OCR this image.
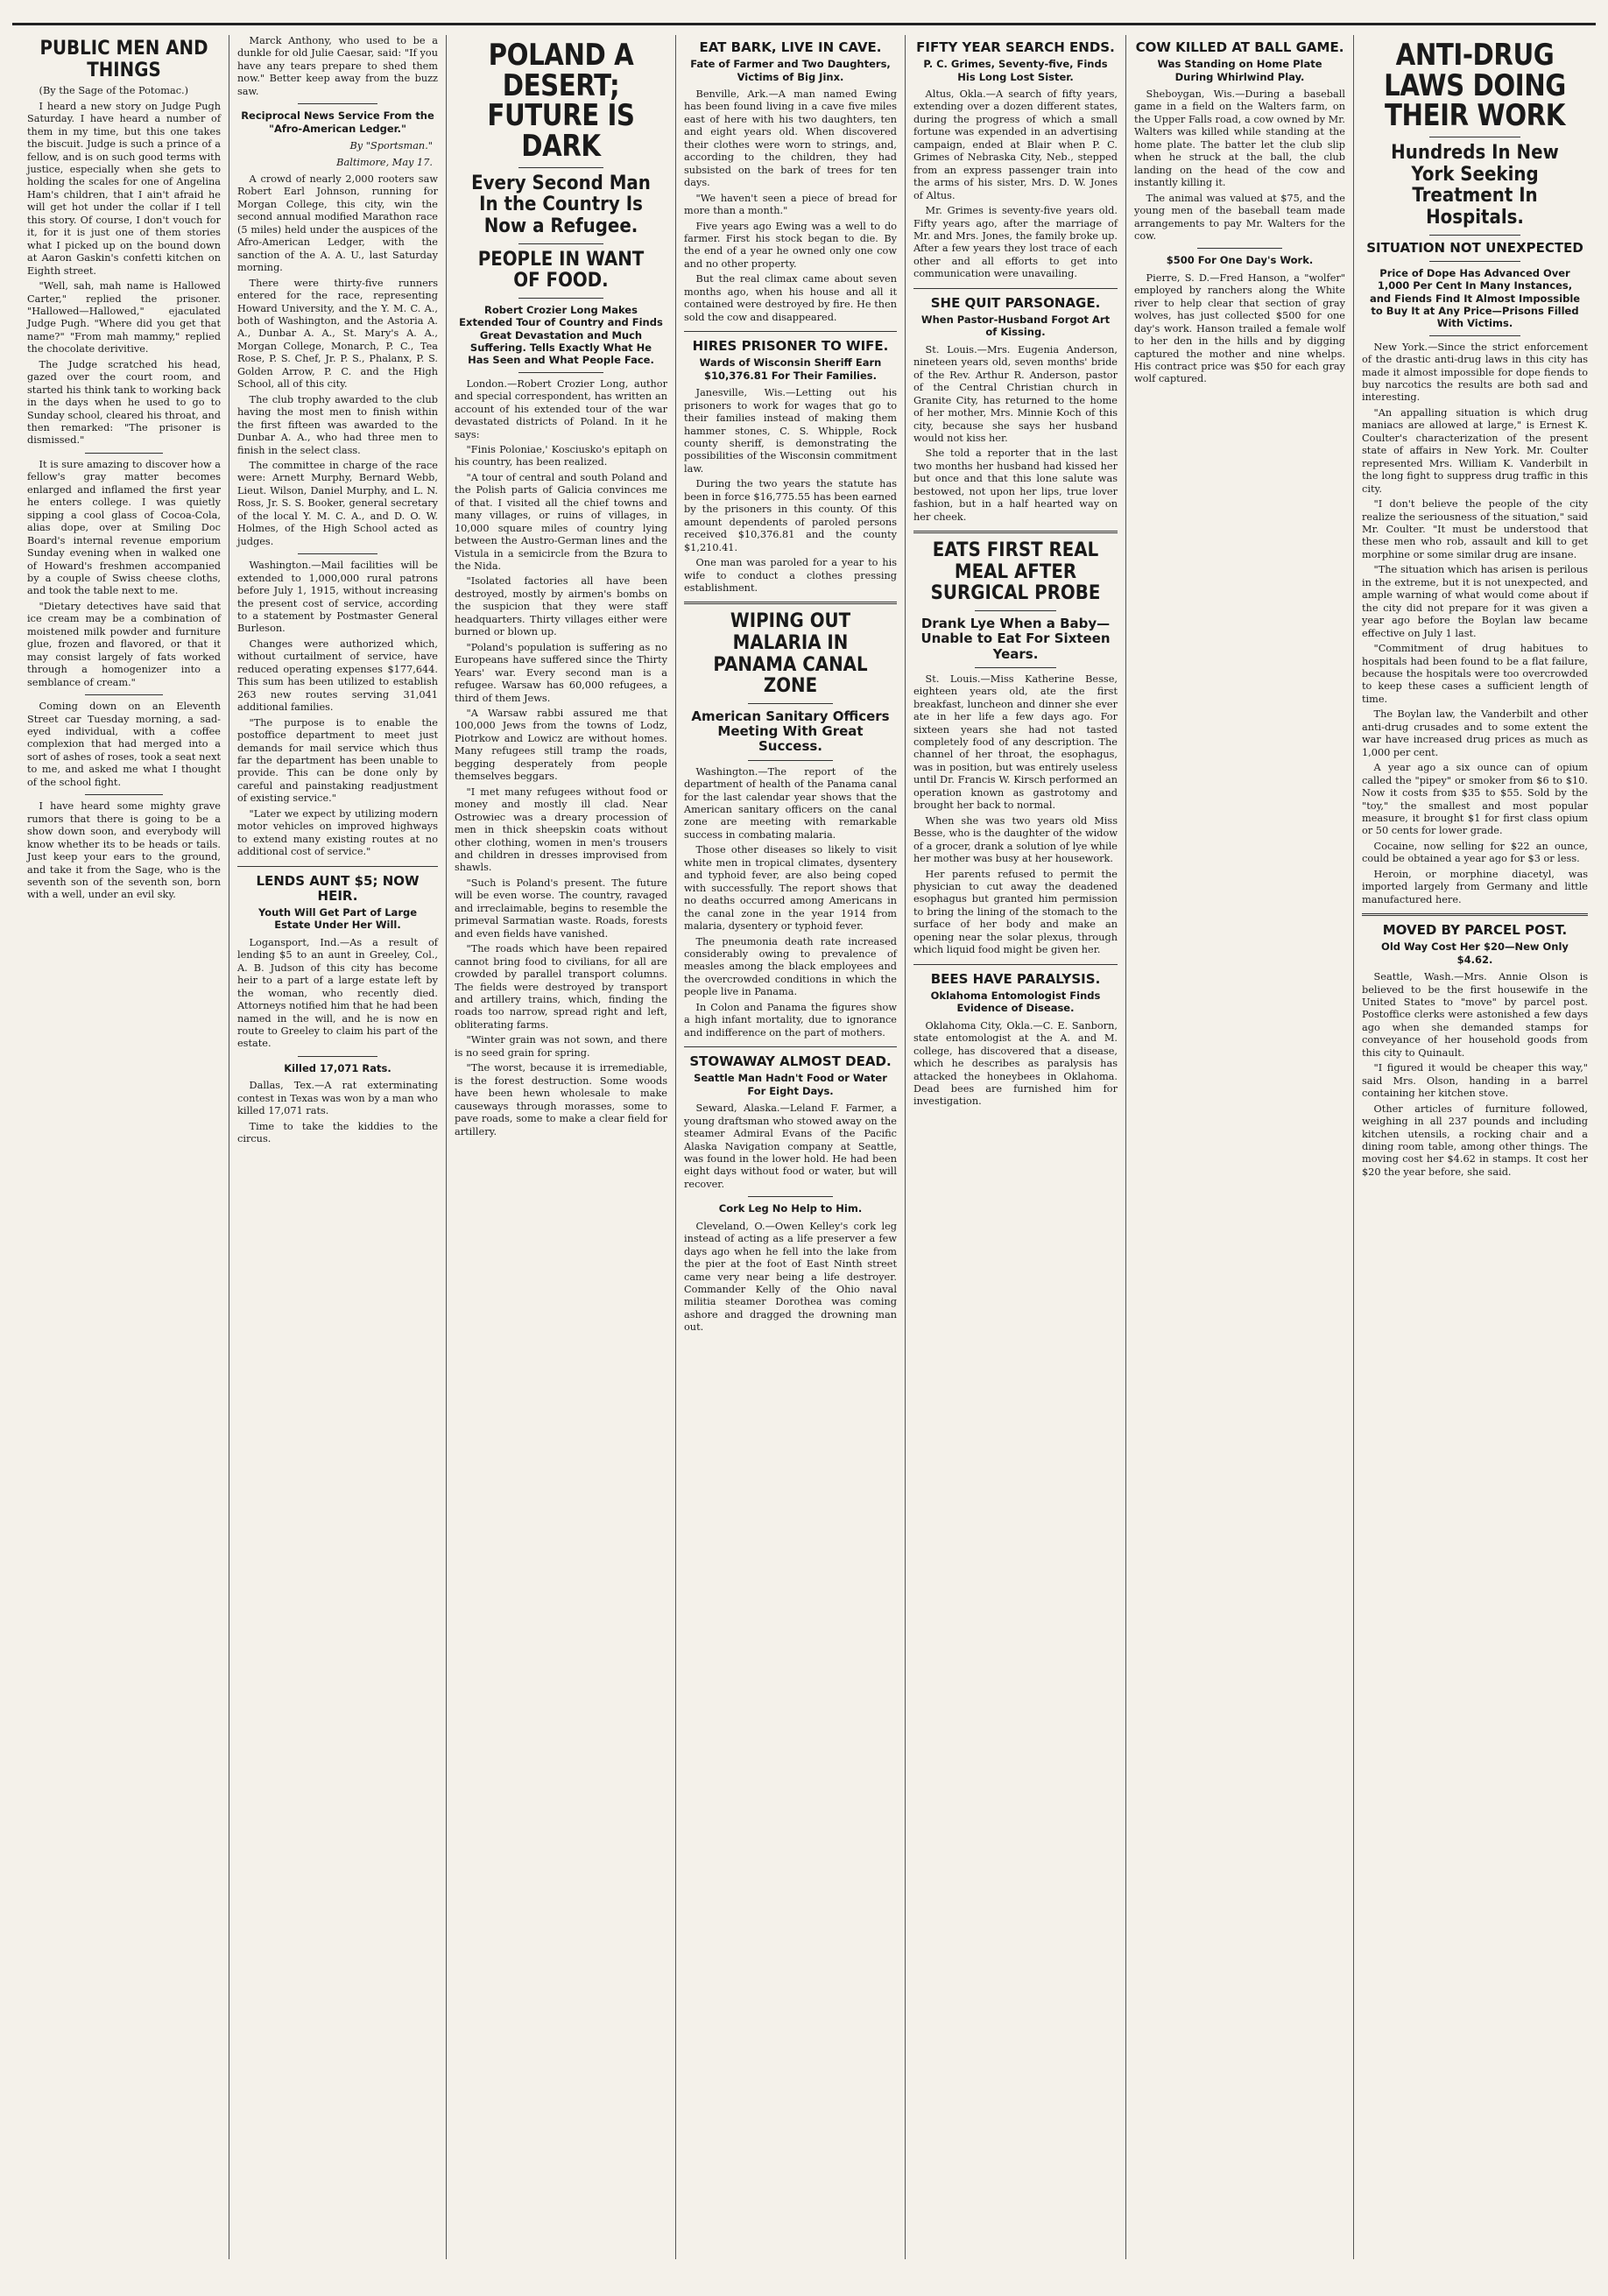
PUBLIC MEN AND THINGS

(By the Sage of the Potomac.)

I heard a new story on Judge Pugh Saturday. I have heard a number of them in my time, but this one takes the biscuit. Judge is such a prince of a fellow, and is on such good terms with justice, especially when she gets to holding the scales for one of Angelina Ham's children, that I ain't afraid he will get hot under the collar if I tell this story. Of course, I don't vouch for it, for it is just one of them stories what I picked up on the bound down at Aaron Gaskin's confetti kitchen on Eighth street.

"Well, sah, mah name is Hallowed Carter," replied the prisoner. "Hallowed—Hallowed," ejaculated Judge Pugh. "Where did you get that name?" "From mah mammy," replied the chocolate derivitive.

The Judge scratched his head, gazed over the court room, and started his think tank to working back in the days when he used to go to Sunday school, cleared his throat, and then remarked: "The prisoner is dismissed."

It is sure amazing to discover how a fellow's gray matter becomes enlarged and inflamed the first year he enters college. I was quietly sipping a cool glass of Cocoa-Cola, alias dope, over at Smiling Doc Board's internal revenue emporium Sunday evening when in walked one of Howard's freshmen accompanied by a couple of Swiss cheese cloths, and took the table next to me.

"Dietary detectives have said that ice cream may be a combination of moistened milk powder and furniture glue, frozen and flavored, or that it may consist largely of fats worked through a homogenizer into a semblance of cream."

Coming down on an Eleventh Street car Tuesday morning, a sad-eyed individual, with a coffee complexion that had merged into a sort of ashes of roses, took a seat next to me, and asked me what I thought of the school fight.

I have heard some mighty grave rumors that there is going to be a show down soon, and everybody will know whether its to be heads or tails. Just keep your ears to the ground, and take it from the Sage, who is the seventh son of the seventh son, born with a well, under an evil sky.

Marck Anthony, who used to be a dunkle for old Julie Caesar, said: "If you have any tears prepare to shed them now." Better keep away from the buzz saw.

Reciprocal News Service From the "Afro-American Ledger."

By "Sportsman."

Baltimore, May 17.

A crowd of nearly 2,000 rooters saw Robert Earl Johnson, running for Morgan College, this city, win the second annual modified Marathon race (5 miles) held under the auspices of the Afro-American Ledger, with the sanction of the A. A. U., last Saturday morning.

There were thirty-five runners entered for the race, representing Howard University, and the Y. M. C. A., both of Washington, and the Astoria A. A., Dunbar A. A., St. Mary's A. A., Morgan College, Monarch, P. C., Tea Rose, P. S. Chef, Jr. P. S., Phalanx, P. S. Golden Arrow, P. C. and the High School, all of this city.

The club trophy awarded to the club having the most men to finish within the first fifteen was awarded to the Dunbar A. A., who had three men to finish in the select class.

The committee in charge of the race were: Arnett Murphy, Bernard Webb, Lieut. Wilson, Daniel Murphy, and L. N. Ross, Jr. S. S. Booker, general secretary of the local Y. M. C. A., and D. O. W. Holmes, of the High School acted as judges.

Washington.—Mail facilities will be extended to 1,000,000 rural patrons before July 1, 1915, without increasing the present cost of service, according to a statement by Postmaster General Burleson.

Changes were authorized which, without curtailment of service, have reduced operating expenses $177,644. This sum has been utilized to establish 263 new routes serving 31,041 additional families.

"The purpose is to enable the postoffice department to meet just demands for mail service which thus far the department has been unable to provide. This can be done only by careful and painstaking readjustment of existing service."

"Later we expect by utilizing modern motor vehicles on improved highways to extend many existing routes at no additional cost of service."

LENDS AUNT $5; NOW HEIR.
Youth Will Get Part of Large Estate Under Her Will.

Logansport, Ind.—As a result of lending $5 to an aunt in Greeley, Col., A. B. Judson of this city has become heir to a part of a large estate left by the woman, who recently died. Attorneys notified him that he had been named in the will, and he is now en route to Greeley to claim his part of the estate.

Killed 17,071 Rats.

Dallas, Tex.—A rat exterminating contest in Texas was won by a man who killed 17,071 rats.

Time to take the kiddies to the circus.

POLAND A DESERT; FUTURE IS DARK
Every Second Man In the Country Is Now a Refugee.
PEOPLE IN WANT OF FOOD.
Robert Crozier Long Makes Extended Tour of Country and Finds Great Devastation and Much Suffering. Tells Exactly What He Has Seen and What People Face.

London.—Robert Crozier Long, author and special correspondent, has written an account of his extended tour of the war devastated districts of Poland. In it he says:

"Finis Poloniae,' Kosciusko's epitaph on his country, has been realized.

"A tour of central and south Poland and the Polish parts of Galicia convinces me of that. I visited all the chief towns and many villages, or ruins of villages, in 10,000 square miles of country lying between the Austro-German lines and the Vistula in a semicircle from the Bzura to the Nida.

"Isolated factories all have been destroyed, mostly by airmen's bombs on the suspicion that they were staff headquarters. Thirty villages either were burned or blown up.

"Poland's population is suffering as no Europeans have suffered since the Thirty Years' war. Every second man is a refugee. Warsaw has 60,000 refugees, a third of them Jews.

"A Warsaw rabbi assured me that 100,000 Jews from the towns of Lodz, Piotrkow and Lowicz are without homes. Many refugees still tramp the roads, begging desperately from people themselves beggars.

"I met many refugees without food or money and mostly ill clad. Near Ostrowiec was a dreary procession of men in thick sheepskin coats without other clothing, women in men's trousers and children in dresses improvised from shawls.

"Such is Poland's present. The future will be even worse. The country, ravaged and irreclaimable, begins to resemble the primeval Sarmatian waste. Roads, forests and even fields have vanished.

"The roads which have been repaired cannot bring food to civilians, for all are crowded by parallel transport columns. The fields were destroyed by transport and artillery trains, which, finding the roads too narrow, spread right and left, obliterating farms.

"Winter grain was not sown, and there is no seed grain for spring.

"The worst, because it is irremediable, is the forest destruction. Some woods have been hewn wholesale to make causeways through morasses, some to pave roads, some to make a clear field for artillery.

EAT BARK, LIVE IN CAVE.
Fate of Farmer and Two Daughters, Victims of Big Jinx.

Benville, Ark.—A man named Ewing has been found living in a cave five miles east of here with his two daughters, ten and eight years old. When discovered their clothes were worn to strings, and, according to the children, they had subsisted on the bark of trees for ten days.

"We haven't seen a piece of bread for more than a month."

Five years ago Ewing was a well to do farmer. First his stock began to die. By the end of a year he owned only one cow and no other property.

But the real climax came about seven months ago, when his house and all it contained were destroyed by fire. He then sold the cow and disappeared.

HIRES PRISONER TO WIFE.
Wards of Wisconsin Sheriff Earn $10,376.81 For Their Families.

Janesville, Wis.—Letting out his prisoners to work for wages that go to their families instead of making them hammer stones, C. S. Whipple, Rock county sheriff, is demonstrating the possibilities of the Wisconsin commitment law.

During the two years the statute has been in force $16,775.55 has been earned by the prisoners in this county. Of this amount dependents of paroled persons received $10,376.81 and the county $1,210.41.

One man was paroled for a year to his wife to conduct a clothes pressing establishment.

WIPING OUT MALARIA IN PANAMA CANAL ZONE
American Sanitary Officers Meeting With Great Success.

Washington.—The report of the department of health of the Panama canal for the last calendar year shows that the American sanitary officers on the canal zone are meeting with remarkable success in combating malaria.

Those other diseases so likely to visit white men in tropical climates, dysentery and typhoid fever, are also being coped with successfully. The report shows that no deaths occurred among Americans in the canal zone in the year 1914 from malaria, dysentery or typhoid fever.

The pneumonia death rate increased considerably owing to prevalence of measles among the black employees and the overcrowded conditions in which the people live in Panama.

In Colon and Panama the figures show a high infant mortality, due to ignorance and indifference on the part of mothers.

STOWAWAY ALMOST DEAD.
Seattle Man Hadn't Food or Water For Eight Days.

Seward, Alaska.—Leland F. Farmer, a young draftsman who stowed away on the steamer Admiral Evans of the Pacific Alaska Navigation company at Seattle, was found in the lower hold. He had been eight days without food or water, but will recover.

Cork Leg No Help to Him.

Cleveland, O.—Owen Kelley's cork leg instead of acting as a life preserver a few days ago when he fell into the lake from the pier at the foot of East Ninth street came very near being a life destroyer. Commander Kelly of the Ohio naval militia steamer Dorothea was coming ashore and dragged the drowning man out.

FIFTY YEAR SEARCH ENDS.
P. C. Grimes, Seventy-five, Finds His Long Lost Sister.

Altus, Okla.—A search of fifty years, extending over a dozen different states, during the progress of which a small fortune was expended in an advertising campaign, ended at Blair when P. C. Grimes of Nebraska City, Neb., stepped from an express passenger train into the arms of his sister, Mrs. D. W. Jones of Altus.

Mr. Grimes is seventy-five years old. Fifty years ago, after the marriage of Mr. and Mrs. Jones, the family broke up. After a few years they lost trace of each other and all efforts to get into communication were unavailing.

SHE QUIT PARSONAGE.
When Pastor-Husband Forgot Art of Kissing.

St. Louis.—Mrs. Eugenia Anderson, nineteen years old, seven months' bride of the Rev. Arthur R. Anderson, pastor of the Central Christian church in Granite City, has returned to the home of her mother, Mrs. Minnie Koch of this city, because she says her husband would not kiss her.

She told a reporter that in the last two months her husband had kissed her but once and that this lone salute was bestowed, not upon her lips, true lover fashion, but in a half hearted way on her cheek.

EATS FIRST REAL MEAL AFTER SURGICAL PROBE
Drank Lye When a Baby—Unable to Eat For Sixteen Years.

St. Louis.—Miss Katherine Besse, eighteen years old, ate the first breakfast, luncheon and dinner she ever ate in her life a few days ago. For sixteen years she had not tasted completely food of any description. The channel of her throat, the esophagus, was in position, but was entirely useless until Dr. Francis W. Kirsch performed an operation known as gastrotomy and brought her back to normal.

When she was two years old Miss Besse, who is the daughter of the widow of a grocer, drank a solution of lye while her mother was busy at her housework.

Her parents refused to permit the physician to cut away the deadened esophagus but granted him permission to bring the lining of the stomach to the surface of her body and make an opening near the solar plexus, through which liquid food might be given her.

BEES HAVE PARALYSIS.
Oklahoma Entomologist Finds Evidence of Disease.

Oklahoma City, Okla.—C. E. Sanborn, state entomologist at the A. and M. college, has discovered that a disease, which he describes as paralysis has attacked the honeybees in Oklahoma. Dead bees are furnished him for investigation.

COW KILLED AT BALL GAME.
Was Standing on Home Plate During Whirlwind Play.

Sheboygan, Wis.—During a baseball game in a field on the Walters farm, on the Upper Falls road, a cow owned by Mr. Walters was killed while standing at the home plate. The batter let the club slip when he struck at the ball, the club landing on the head of the cow and instantly killing it.

The animal was valued at $75, and the young men of the baseball team made arrangements to pay Mr. Walters for the cow.

$500 For One Day's Work.

Pierre, S. D.—Fred Hanson, a "wolfer" employed by ranchers along the White river to help clear that section of gray wolves, has just collected $500 for one day's work. Hanson trailed a female wolf to her den in the hills and by digging captured the mother and nine whelps. His contract price was $50 for each gray wolf captured.

ANTI-DRUG LAWS DOING THEIR WORK
Hundreds In New York Seeking Treatment In Hospitals.
SITUATION NOT UNEXPECTED
Price of Dope Has Advanced Over 1,000 Per Cent In Many Instances, and Fiends Find It Almost Impossible to Buy It at Any Price—Prisons Filled With Victims.

New York.—Since the strict enforcement of the drastic anti-drug laws in this city has made it almost impossible for dope fiends to buy narcotics the results are both sad and interesting.

"An appalling situation is which drug maniacs are allowed at large," is Ernest K. Coulter's characterization of the present state of affairs in New York. Mr. Coulter represented Mrs. William K. Vanderbilt in the long fight to suppress drug traffic in this city.

"I don't believe the people of the city realize the seriousness of the situation," said Mr. Coulter. "It must be understood that these men who rob, assault and kill to get morphine or some similar drug are insane.

"The situation which has arisen is perilous in the extreme, but it is not unexpected, and ample warning of what would come about if the city did not prepare for it was given a year ago before the Boylan law became effective on July 1 last.

"Commitment of drug habitues to hospitals had been found to be a flat failure, because the hospitals were too overcrowded to keep these cases a sufficient length of time.

The Boylan law, the Vanderbilt and other anti-drug crusades and to some extent the war have increased drug prices as much as 1,000 per cent.

A year ago a six ounce can of opium called the "pipey" or smoker from $6 to $10. Now it costs from $35 to $55. Sold by the "toy," the smallest and most popular measure, it brought $1 for first class opium or 50 cents for lower grade.

Cocaine, now selling for $22 an ounce, could be obtained a year ago for $3 or less.

Heroin, or morphine diacetyl, was imported largely from Germany and little manufactured here.

MOVED BY PARCEL POST.
Old Way Cost Her $20—New Only $4.62.

Seattle, Wash.—Mrs. Annie Olson is believed to be the first housewife in the United States to "move" by parcel post. Postoffice clerks were astonished a few days ago when she demanded stamps for conveyance of her household goods from this city to Quinault.

"I figured it would be cheaper this way," said Mrs. Olson, handing in a barrel containing her kitchen stove.

Other articles of furniture followed, weighing in all 237 pounds and including kitchen utensils, a rocking chair and a dining room table, among other things. The moving cost her $4.62 in stamps. It cost her $20 the year before, she said.
